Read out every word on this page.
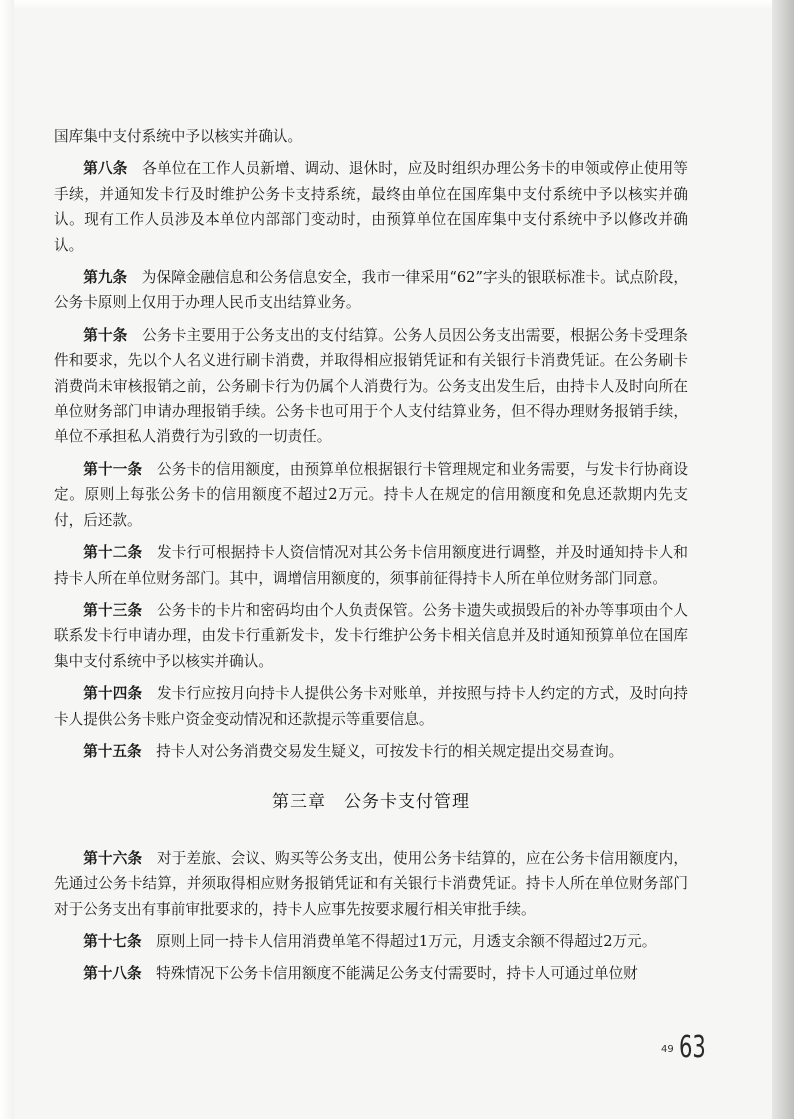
国库集中支付系统中予以核实并确认。

第八条　各单位在工作人员新增、调动、退休时，应及时组织办理公务卡的申领或停止使用等手续，并通知发卡行及时维护公务卡支持系统，最终由单位在国库集中支付系统中予以核实并确认。现有工作人员涉及本单位内部部门变动时，由预算单位在国库集中支付系统中予以修改并确认。

第九条　为保障金融信息和公务信息安全，我市一律采用“62”字头的银联标准卡。试点阶段，公务卡原则上仅用于办理人民币支出结算业务。

第十条　公务卡主要用于公务支出的支付结算。公务人员因公务支出需要，根据公务卡受理条件和要求，先以个人名义进行刷卡消费，并取得相应报销凭证和有关银行卡消费凭证。在公务刷卡消费尚未审核报销之前，公务刷卡行为仍属个人消费行为。公务支出发生后，由持卡人及时向所在单位财务部门申请办理报销手续。公务卡也可用于个人支付结算业务，但不得办理财务报销手续，单位不承担私人消费行为引致的一切责任。

第十一条　公务卡的信用额度，由预算单位根据银行卡管理规定和业务需要，与发卡行协商设定。原则上每张公务卡的信用额度不超过2万元。持卡人在规定的信用额度和免息还款期内先支付，后还款。

第十二条　发卡行可根据持卡人资信情况对其公务卡信用额度进行调整，并及时通知持卡人和持卡人所在单位财务部门。其中，调增信用额度的，须事前征得持卡人所在单位财务部门同意。

第十三条　公务卡的卡片和密码均由个人负责保管。公务卡遗失或损毁后的补办等事项由个人联系发卡行申请办理，由发卡行重新发卡，发卡行维护公务卡相关信息并及时通知预算单位在国库集中支付系统中予以核实并确认。

第十四条　发卡行应按月向持卡人提供公务卡对账单，并按照与持卡人约定的方式，及时向持卡人提供公务卡账户资金变动情况和还款提示等重要信息。

第十五条　持卡人对公务消费交易发生疑义，可按发卡行的相关规定提出交易查询。

第三章　公务卡支付管理

第十六条　对于差旅、会议、购买等公务支出，使用公务卡结算的，应在公务卡信用额度内，先通过公务卡结算，并须取得相应财务报销凭证和有关银行卡消费凭证。持卡人所在单位财务部门对于公务支出有事前审批要求的，持卡人应事先按要求履行相关审批手续。

第十七条　原则上同一持卡人信用消费单笔不得超过1万元，月透支余额不得超过2万元。

第十八条　特殊情况下公务卡信用额度不能满足公务支付需要时，持卡人可通过单位财

49 63
